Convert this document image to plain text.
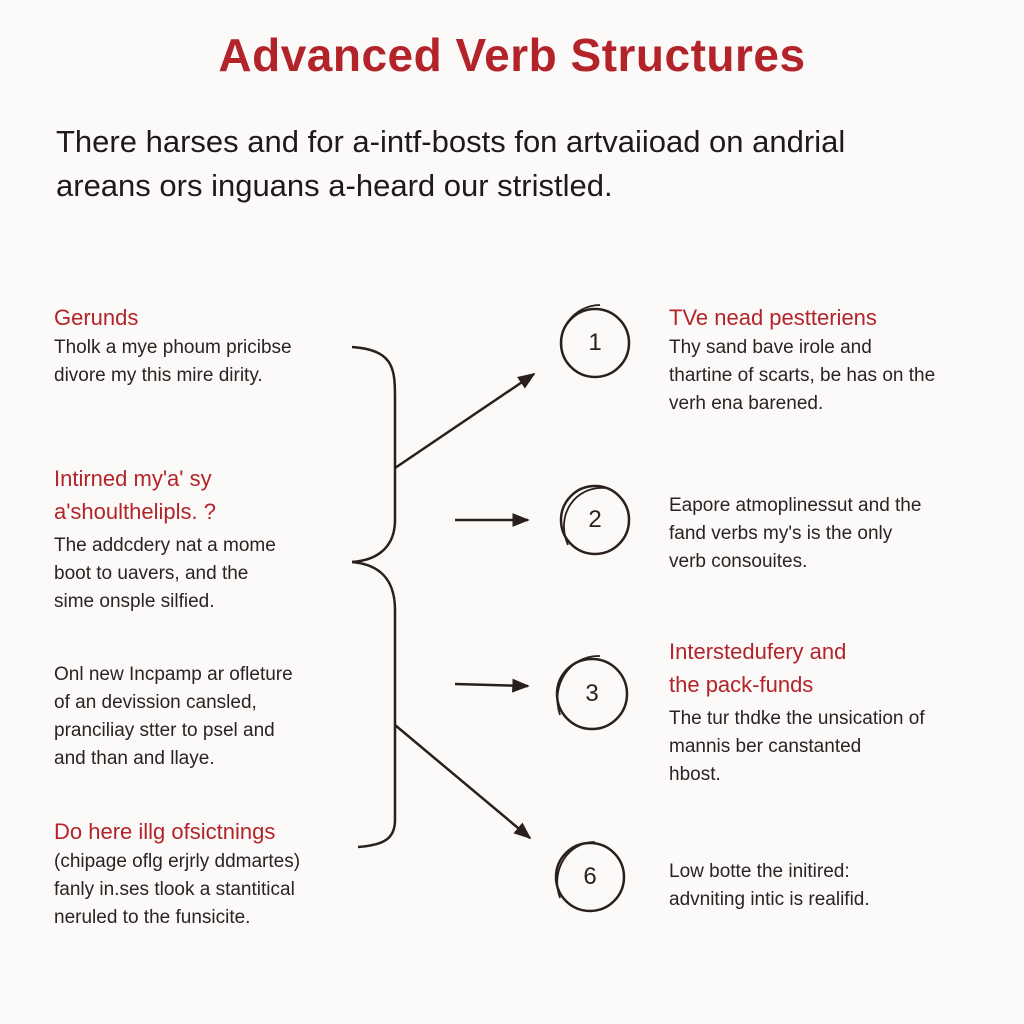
Advanced Verb Structures
There harses and for a-intf-bosts fon artvaiioad on andrial
areans ors inguans a-heard our stristled.
1
2
3
6
Gerunds
Tholk a mye phoum pricibse
divore my this mire dirity.
Intirned my'a' sy
a'shoulthelipls. ?
The addcdery nat a mome
boot to uavers, and the
sime onsple silfied.
Onl new Incpamp ar ofleture
of an devission cansled,
pranciliay stter to psel and
and than and llaye.
Do here illg ofsictnings
(chipage oflg erjrly ddmartes)
fanly in.ses tlook a stantitical
neruled to the funsicite.
TVe nead pestteriens
Thy sand bave irole and
thartine of scarts, be has on the
verh ena barened.
Eapore atmoplinessut and the
fand verbs my's is the only
verb consouites.
Interstedufery and
the pack-funds
The tur thdke the unsication of
mannis ber canstanted
hbost.
Low botte the initired:
advniting intic is realifid.
